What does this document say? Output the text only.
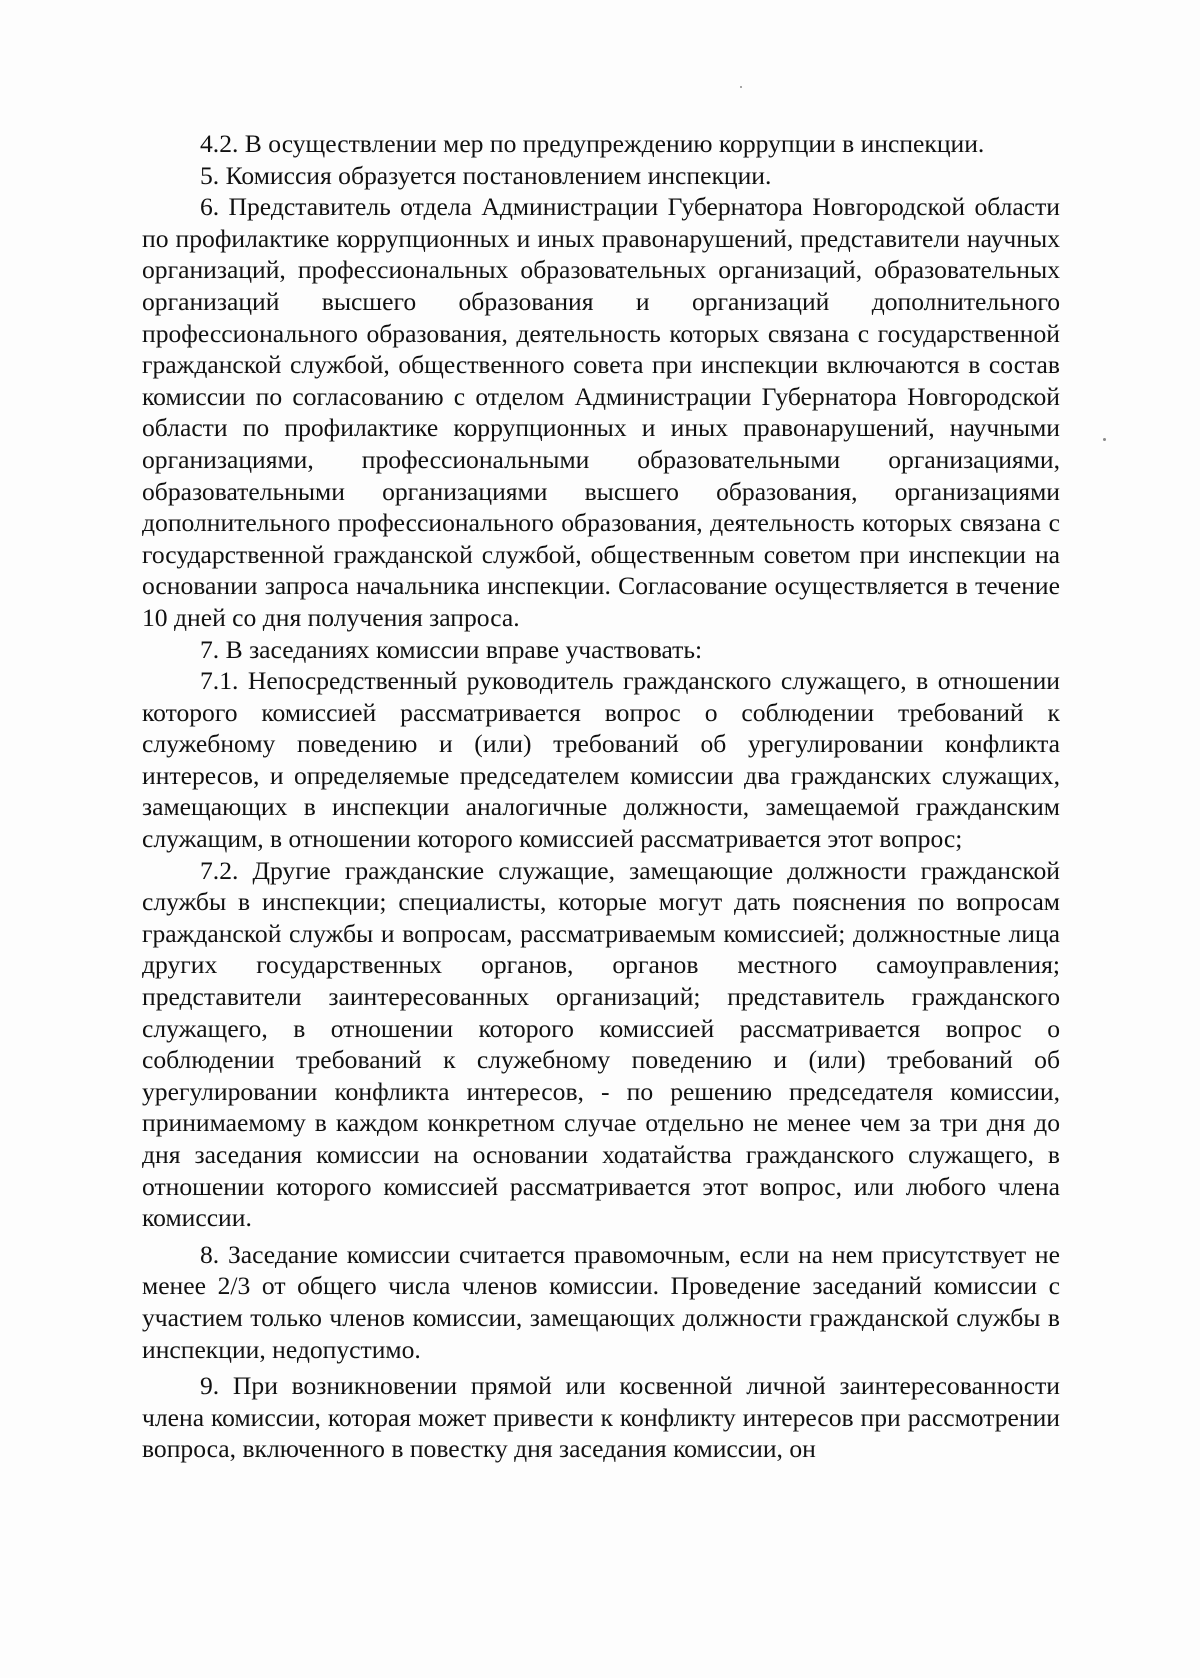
4.2. В осуществлении мер по предупреждению коррупции в инспекции.

5. Комиссия образуется постановлением инспекции.

6. Представитель отдела Администрации Губернатора Новгородской области по профилактике коррупционных и иных правонарушений, представители научных организаций, профессиональных образовательных организаций, образовательных организаций высшего образования и организаций дополнительного профессионального образования, деятельность которых связана с государственной гражданской службой, общественного совета при инспекции включаются в состав комиссии по согласованию с отделом Администрации Губернатора Новгородской области по профилактике коррупционных и иных правонарушений, научными организациями, профессиональными образовательными организациями, образовательными организациями высшего образования, организациями дополнительного профессионального образования, деятельность которых связана с государственной гражданской службой, общественным советом при инспекции на основании запроса начальника инспекции. Согласование осуществляется в течение 10 дней со дня получения запроса.

7. В заседаниях комиссии вправе участвовать:

7.1. Непосредственный руководитель гражданского служащего, в отношении которого комиссией рассматривается вопрос о соблюдении требований к служебному поведению и (или) требований об урегулировании конфликта интересов, и определяемые председателем комиссии два гражданских служащих, замещающих в инспекции аналогичные должности, замещаемой гражданским служащим, в отношении которого комиссией рассматривается этот вопрос;

7.2. Другие гражданские служащие, замещающие должности гражданской службы в инспекции; специалисты, которые могут дать пояснения по вопросам гражданской службы и вопросам, рассматриваемым комиссией; должностные лица других государственных органов, органов местного самоуправления; представители заинтересованных организаций; представитель гражданского служащего, в отношении которого комиссией рассматривается вопрос о соблюдении требований к служебному поведению и (или) требований об урегулировании конфликта интересов, - по решению председателя комиссии, принимаемому в каждом конкретном случае отдельно не менее чем за три дня до дня заседания комиссии на основании ходатайства гражданского служащего, в отношении которого комиссией рассматривается этот вопрос, или любого члена комиссии.

8. Заседание комиссии считается правомочным, если на нем присутствует не менее 2/3 от общего числа членов комиссии. Проведение заседаний комиссии с участием только членов комиссии, замещающих должности гражданской службы в инспекции, недопустимо.

9. При возникновении прямой или косвенной личной заинтересованности члена комиссии, которая может привести к конфликту интересов при рассмотрении вопроса, включенного в повестку дня заседания комиссии, он
